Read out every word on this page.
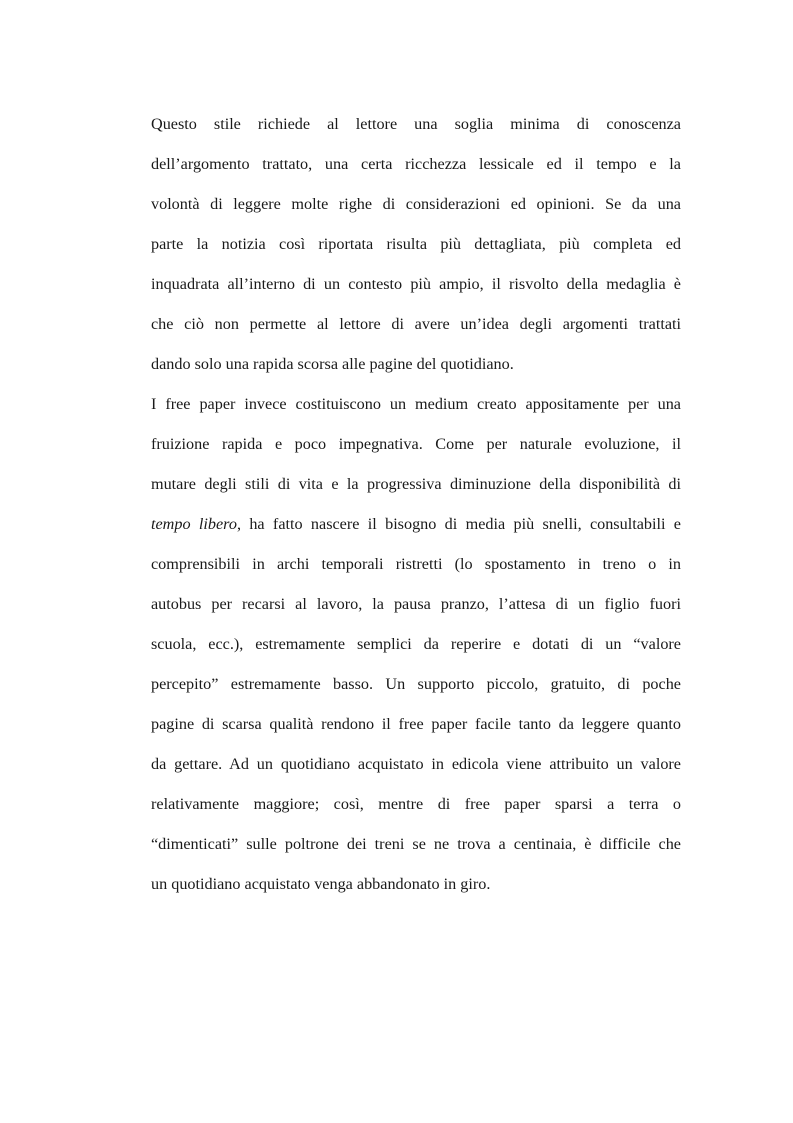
Questo stile richiede al lettore una soglia minima di conoscenza
dell’argomento trattato, una certa ricchezza lessicale ed il tempo e la
volontà di leggere molte righe di considerazioni ed opinioni. Se da una
parte la notizia così riportata risulta più dettagliata, più completa ed
inquadrata all’interno di un contesto più ampio, il risvolto della medaglia è
che ciò non permette al lettore di avere un’idea degli argomenti trattati
dando solo una rapida scorsa alle pagine del quotidiano.

I free paper invece costituiscono un medium creato appositamente per una
fruizione rapida e poco impegnativa. Come per naturale evoluzione, il
mutare degli stili di vita e la progressiva diminuzione della disponibilità di
tempo libero, ha fatto nascere il bisogno di media più snelli, consultabili e
comprensibili in archi temporali ristretti (lo spostamento in treno o in
autobus per recarsi al lavoro, la pausa pranzo, l’attesa di un figlio fuori
scuola, ecc.), estremamente semplici da reperire e dotati di un “valore
percepito” estremamente basso. Un supporto piccolo, gratuito, di poche
pagine di scarsa qualità rendono il free paper facile tanto da leggere quanto
da gettare. Ad un quotidiano acquistato in edicola viene attribuito un valore
relativamente maggiore; così, mentre di free paper sparsi a terra o
“dimenticati” sulle poltrone dei treni se ne trova a centinaia, è difficile che
un quotidiano acquistato venga abbandonato in giro.
